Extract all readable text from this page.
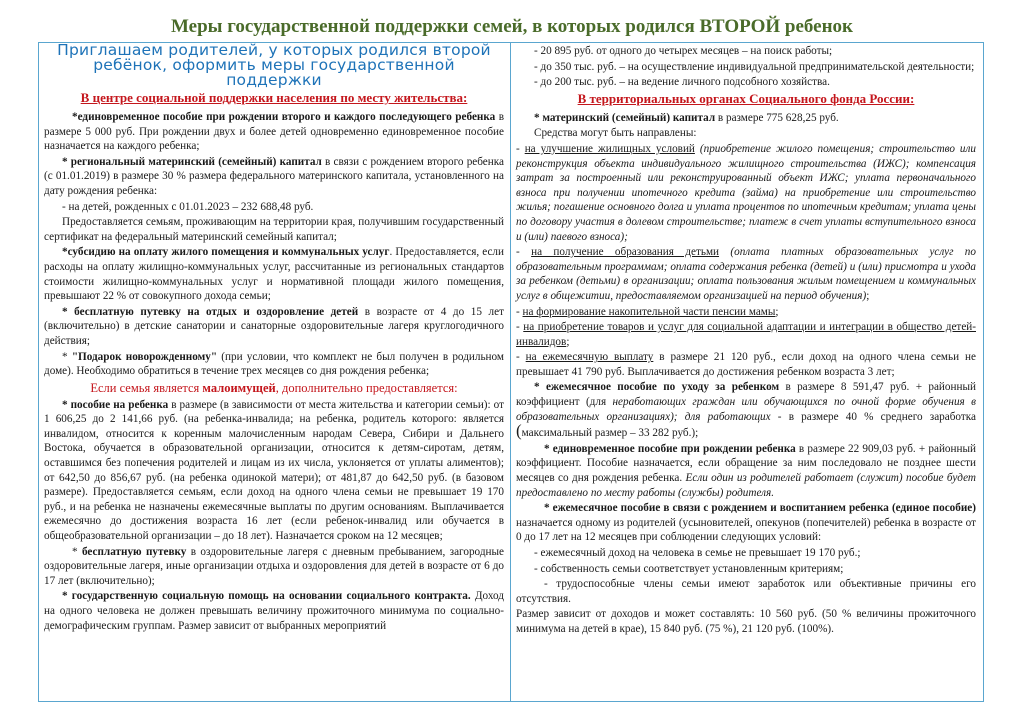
Меры государственной поддержки семей, в которых родился ВТОРОЙ ребенок
Приглашаем родителей, у которых родился второй ребёнок, оформить меры государственной поддержки
В центре социальной поддержки населения по месту жительства:

*единовременное пособие при рождении второго и каждого последующего ребенка в размере 5 000 руб. При рождении двух и более детей одновременно единовременное пособие назначается на каждого ребенка;

* региональный материнский (семейный) капитал в связи с рождением второго ребенка (с 01.01.2019) в размере 30 % размера федерального материнского капитала, установленного на дату рождения ребенка:

- на детей, рожденных с 01.01.2023 – 232 688,48 руб.

Предоставляется семьям, проживающим на территории края, получившим государственный сертификат на федеральный материнский семейный капитал;

*субсидию на оплату жилого помещения и коммунальных услуг. Предоставляется, если расходы на оплату жилищно-коммунальных услуг, рассчитанные из региональных стандартов стоимости жилищно-коммунальных услуг и нормативной площади жилого помещения, превышают 22 % от совокупного дохода семьи;

* бесплатную путевку на отдых и оздоровление детей в возрасте от 4 до 15 лет (включительно) в детские санатории и санаторные оздоровительные лагеря круглогодичного действия;

* "Подарок новорожденному" (при условии, что комплект не был получен в родильном доме). Необходимо обратиться в течение трех месяцев со дня рождения ребенка;

Если семья является малоимущей, дополнительно предоставляется:

* пособие на ребенка в размере (в зависимости от места жительства и категории семьи): от 1 606,25 до 2 141,66 руб. (на ребенка-инвалида; на ребенка, родитель которого: является инвалидом, относится к коренным малочисленным народам Севера, Сибири и Дальнего Востока, обучается в образовательной организации, относится к детям-сиротам, детям, оставшимся без попечения родителей и лицам из их числа, уклоняется от уплаты алиментов); от 642,50 до 856,67 руб. (на ребенка одинокой матери); от 481,87 до 642,50 руб. (в базовом размере). Предоставляется семьям, если доход на одного члена семьи не превышает 19 170 руб., и на ребенка не назначены ежемесячные выплаты по другим основаниям. Выплачивается ежемесячно до достижения возраста 16 лет (если ребенок-инвалид или обучается в общеобразовательной организации – до 18 лет). Назначается сроком на 12 месяцев;

* бесплатную путевку в оздоровительные лагеря с дневным пребыванием, загородные оздоровительные лагеря, иные организации отдыха и оздоровления для детей в возрасте от 6 до 17 лет (включительно);

* государственную социальную помощь на основании социального контракта. Доход на одного человека не должен превышать величину прожиточного минимума по социально-демографическим группам. Размер зависит от выбранных мероприятий

- 20 895 руб. от одного до четырех месяцев – на поиск работы;

- до 350 тыс. руб. – на осуществление индивидуальной предпринимательской деятельности;

- до 200 тыс. руб. – на ведение личного подсобного хозяйства.

В территориальных органах Социального фонда России:

* материнский (семейный) капитал в размере 775 628,25 руб.

Средства могут быть направлены:

- на улучшение жилищных условий (приобретение жилого помещения; строительство или реконструкция объекта индивидуального жилищного строительства (ИЖС); компенсация затрат за построенный или реконструированный объект ИЖС; уплата первоначального взноса при получении ипотечного кредита (займа) на приобретение или строительство жилья; погашение основного долга и уплата процентов по ипотечным кредитам; уплата цены по договору участия в долевом строительстве; платеж в счет уплаты вступительного взноса и (или) паевого взноса);

- на получение образования детьми (оплата платных образовательных услуг по образовательным программам; оплата содержания ребенка (детей) и (или) присмотра и ухода за ребенком (детьми) в организации; оплата пользования жилым помещением и коммунальных услуг в общежитии, предоставляемом организацией на период обучения);

- на формирование накопительной части пенсии мамы;

- на приобретение товаров и услуг для социальной адаптации и интеграции в общество детей-инвалидов;

- на ежемесячную выплату в размере 21 120 руб., если доход на одного члена семьи не превышает 41 790 руб. Выплачивается до достижения ребенком возраста 3 лет;

* ежемесячное пособие по уходу за ребенком в размере 8 591,47 руб. + районный коэффициент (для неработающих граждан или обучающихся по очной форме обучения в образовательных организациях); для работающих - в размере 40 % среднего заработка (максимальный размер – 33 282 руб.);

* единовременное пособие при рождении ребенка в размере 22 909,03 руб. + районный коэффициент. Пособие назначается, если обращение за ним последовало не позднее шести месяцев со дня рождения ребенка. Если один из родителей работает (служит) пособие будет предоставлено по месту работы (службы) родителя.

* ежемесячное пособие в связи с рождением и воспитанием ребенка (единое пособие) назначается одному из родителей (усыновителей, опекунов (попечителей) ребенка в возрасте от 0 до 17 лет на 12 месяцев при соблюдении следующих условий:

- ежемесячный доход на человека в семье не превышает 19 170 руб.;

- собственность семьи соответствует установленным критериям;

- трудоспособные члены семьи имеют заработок или объективные причины его отсутствия.

Размер зависит от доходов и может составлять: 10 560 руб. (50 % величины прожиточного минимума на детей в крае), 15 840 руб. (75 %), 21 120 руб. (100%).
